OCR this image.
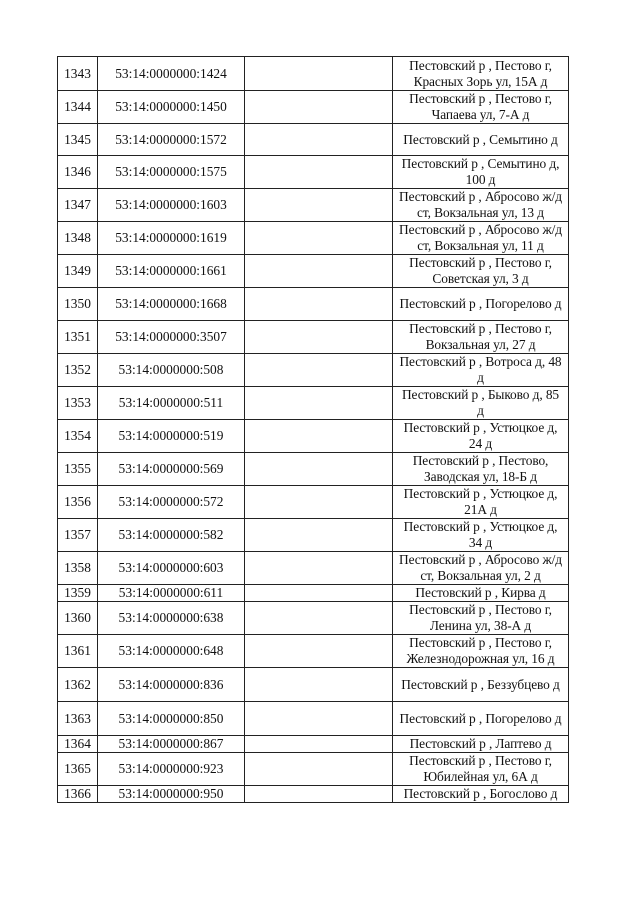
1343	53:14:0000000:1424		Пестовский р , Пестово г,
Красных Зорь ул, 15А д

1344	53:14:0000000:1450		Пестовский р , Пестово г,
Чапаева ул, 7-А д

1345	53:14:0000000:1572		Пестовский р , Семытино д

1346	53:14:0000000:1575		Пестовский р , Семытино д,
100 д

1347	53:14:0000000:1603		Пестовский р , Абросово ж/д
ст, Вокзальная ул, 13 д

1348	53:14:0000000:1619		Пестовский р , Абросово ж/д
ст, Вокзальная ул, 11 д

1349	53:14:0000000:1661		Пестовский р , Пестово г,
Советская ул, 3 д

1350	53:14:0000000:1668		Пестовский р , Погорелово д

1351	53:14:0000000:3507		Пестовский р , Пестово г,
Вокзальная ул, 27 д

1352	53:14:0000000:508		Пестовский р , Вотроса д, 48
д

1353	53:14:0000000:511		Пестовский р , Быково д, 85
д

1354	53:14:0000000:519		Пестовский р , Устюцкое д,
24 д

1355	53:14:0000000:569		Пестовский р , Пестово,
Заводская ул, 18-Б д

1356	53:14:0000000:572		Пестовский р , Устюцкое д,
21А д

1357	53:14:0000000:582		Пестовский р , Устюцкое д,
34 д

1358	53:14:0000000:603		Пестовский р , Абросово ж/д
ст, Вокзальная ул, 2 д

1359	53:14:0000000:611		Пестовский р , Кирва д

1360	53:14:0000000:638		Пестовский р , Пестово г,
Ленина ул, 38-А д

1361	53:14:0000000:648		Пестовский р , Пестово г,
Железнодорожная ул, 16 д

1362	53:14:0000000:836		Пестовский р , Беззубцево д

1363	53:14:0000000:850		Пестовский р , Погорелово д

1364	53:14:0000000:867		Пестовский р , Лаптево д

1365	53:14:0000000:923		Пестовский р , Пестово г,
Юбилейная ул, 6А д

1366	53:14:0000000:950		Пестовский р , Богослово д
